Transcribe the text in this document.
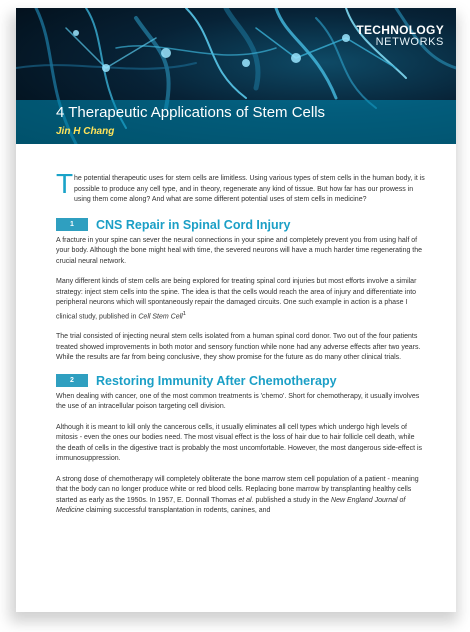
TECHNOLOGY
NETWORKS
4 Therapeutic Applications of Stem Cells
Jin H Chang

T he potential therapeutic uses for stem cells are limitless. Using various types of stem cells in the human body, it is possible to produce any cell type, and in theory, regenerate any kind of tissue. But how far has our prowess in using them come along? And what are some different potential uses of stem cells in medicine?

1	CNS Repair in Spinal Cord Injury

A fracture in your spine can sever the neural connections in your spine and completely prevent you from using half of your body. Although the bone might heal with time, the severed neurons will have a much harder time regenerating the crucial neural network.

Many different kinds of stem cells are being explored for treating spinal cord injuries but most efforts involve a similar strategy: inject stem cells into the spine. The idea is that the cells would reach the area of injury and differentiate into peripheral neurons which will spontaneously repair the damaged circuits. One such example in action is a phase I clinical study, published in Cell Stem Cell$^1$

The trial consisted of injecting neural stem cells isolated from a human spinal cord donor. Two out of the four patients treated showed improvements in both motor and sensory function while none had any adverse effects after two years. While the results are far from being conclusive, they show promise for the future as do many other clinical trials.

2	Restoring Immunity After Chemotherapy

When dealing with cancer, one of the most common treatments is 'chemo'. Short for chemotherapy, it usually involves the use of an intracellular poison targeting cell division.

Although it is meant to kill only the cancerous cells, it usually eliminates all cell types which undergo high levels of mitosis - even the ones our bodies need. The most visual effect is the loss of hair due to hair follicle cell death, while the death of cells in the digestive tract is probably the most uncomfortable. However, the most dangerous side-effect is immunosuppression.

A strong dose of chemotherapy will completely obliterate the bone marrow stem cell population of a patient - meaning that the body can no longer produce white or red blood cells. Replacing bone marrow by transplanting healthy cells started as early as the 1950s. In 1957, E. Donnall Thomas et al. published a study in the New England Journal of Medicine claiming successful transplantation in rodents, canines, and
